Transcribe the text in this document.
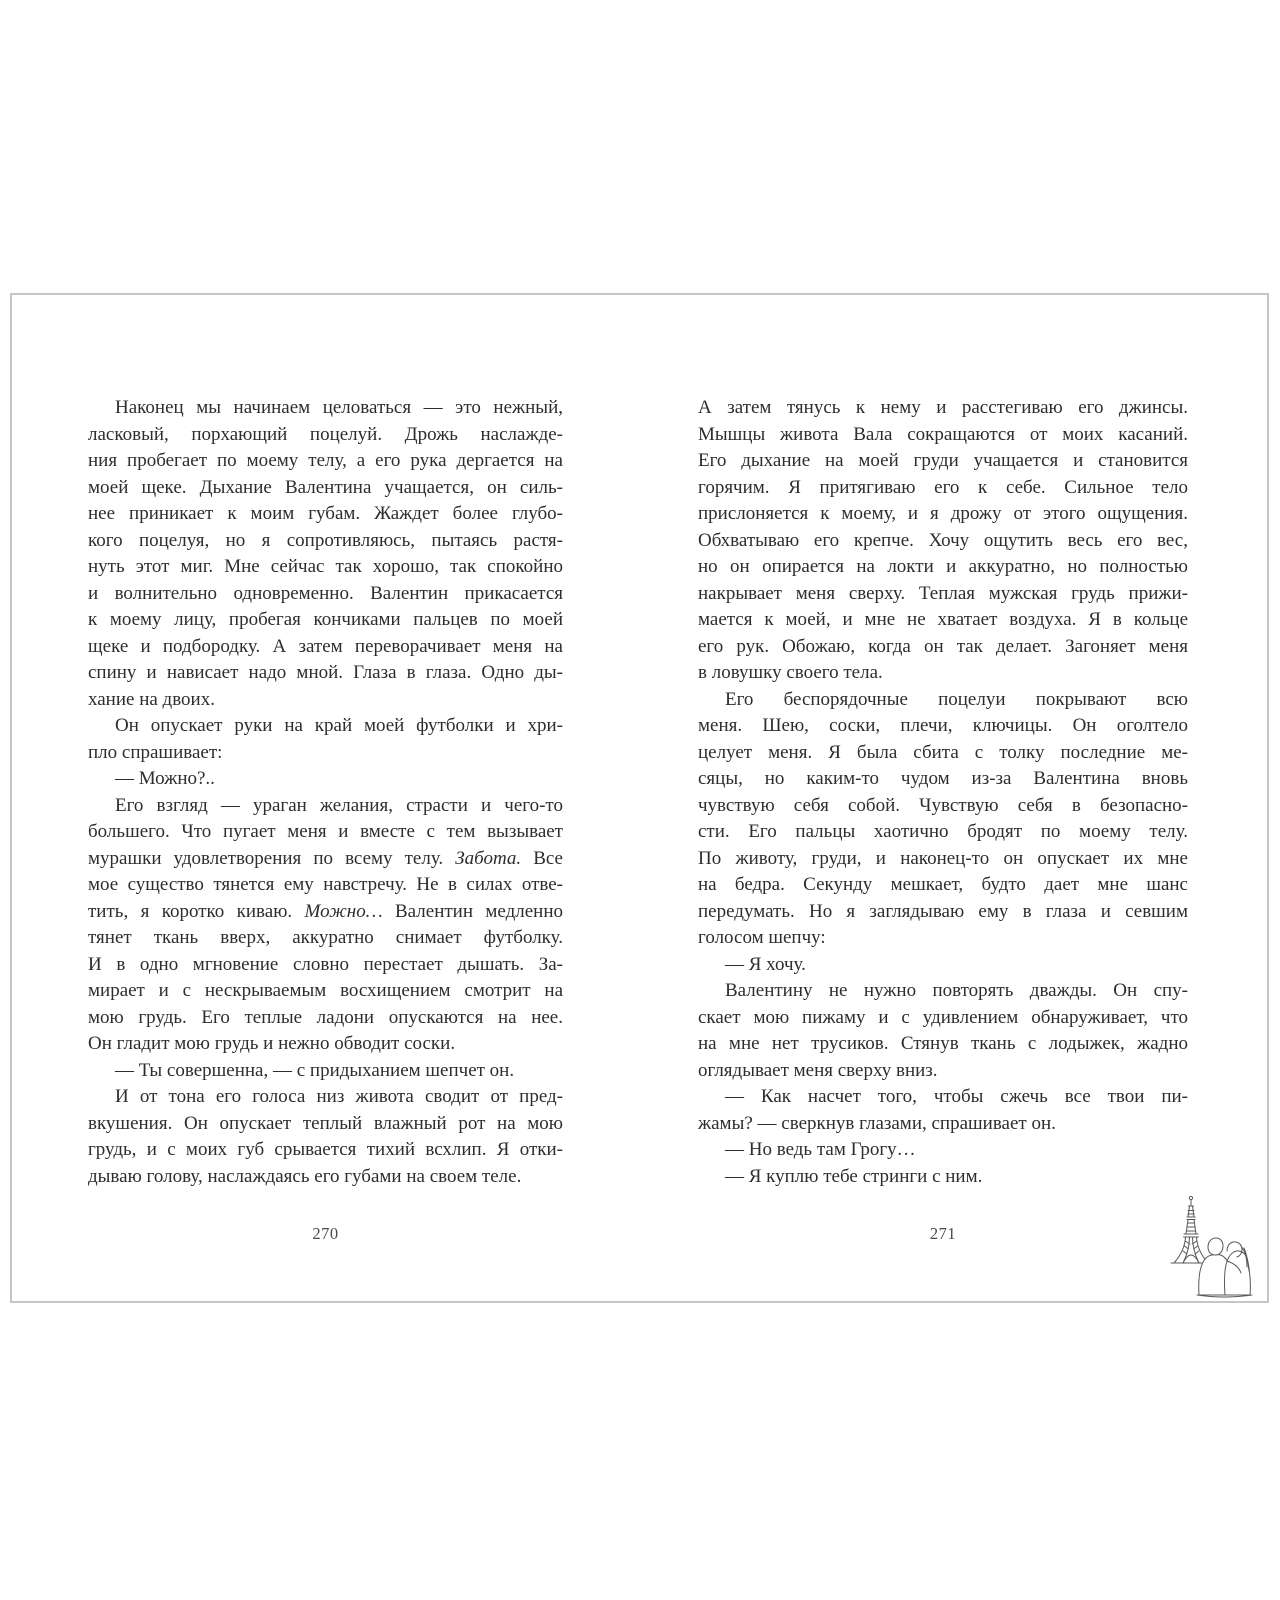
Наконец мы начинаем целоваться — это нежный,
ласковый, порхающий поцелуй. Дрожь наслажде-
ния пробегает по моему телу, а его рука дергается на
моей щеке. Дыхание Валентина учащается, он силь-
нее приникает к моим губам. Жаждет более глубо-
кого поцелуя, но я сопротивляюсь, пытаясь растя-
нуть этот миг. Мне сейчас так хорошо, так спокойно
и волнительно одновременно. Валентин прикасается
к моему лицу, пробегая кончиками пальцев по моей
щеке и подбородку. А затем переворачивает меня на
спину и нависает надо мной. Глаза в глаза. Одно ды-
хание на двоих.
Он опускает руки на край моей футболки и хри-
пло спрашивает:
— Можно?..
Его взгляд — ураган желания, страсти и чего-то
большего. Что пугает меня и вместе с тем вызывает
мурашки удовлетворения по всему телу. Забота. Все
мое существо тянется ему навстречу. Не в силах отве-
тить, я коротко киваю. Можно… Валентин медленно
тянет ткань вверх, аккуратно снимает футболку.
И в одно мгновение словно перестает дышать. За-
мирает и с нескрываемым восхищением смотрит на
мою грудь. Его теплые ладони опускаются на нее.
Он гладит мою грудь и нежно обводит соски.
— Ты совершенна, — с придыханием шепчет он.
И от тона его голоса низ живота сводит от пред-
вкушения. Он опускает теплый влажный рот на мою
грудь, и с моих губ срывается тихий всхлип. Я отки-
дываю голову, наслаждаясь его губами на своем теле.
А затем тянусь к нему и расстегиваю его джинсы.
Мышцы живота Вала сокращаются от моих касаний.
Его дыхание на моей груди учащается и становится
горячим. Я притягиваю его к себе. Сильное тело
прислоняется к моему, и я дрожу от этого ощущения.
Обхватываю его крепче. Хочу ощутить весь его вес,
но он опирается на локти и аккуратно, но полностью
накрывает меня сверху. Теплая мужская грудь прижи-
мается к моей, и мне не хватает воздуха. Я в кольце
его рук. Обожаю, когда он так делает. Загоняет меня
в ловушку своего тела.
Его беспорядочные поцелуи покрывают всю
меня. Шею, соски, плечи, ключицы. Он оголтело
целует меня. Я была сбита с толку последние ме-
сяцы, но каким-то чудом из-за Валентина вновь
чувствую себя собой. Чувствую себя в безопасно-
сти. Его пальцы хаотично бродят по моему телу.
По животу, груди, и наконец-то он опускает их мне
на бедра. Секунду мешкает, будто дает мне шанс
передумать. Но я заглядываю ему в глаза и севшим
голосом шепчу:
— Я хочу.
Валентину не нужно повторять дважды. Он спу-
скает мою пижаму и с удивлением обнаруживает, что
на мне нет трусиков. Стянув ткань с лодыжек, жадно
оглядывает меня сверху вниз.
— Как насчет того, чтобы сжечь все твои пи-
жамы? — сверкнув глазами, спрашивает он.
— Но ведь там Грогу…
— Я куплю тебе стринги с ним.
270	271
